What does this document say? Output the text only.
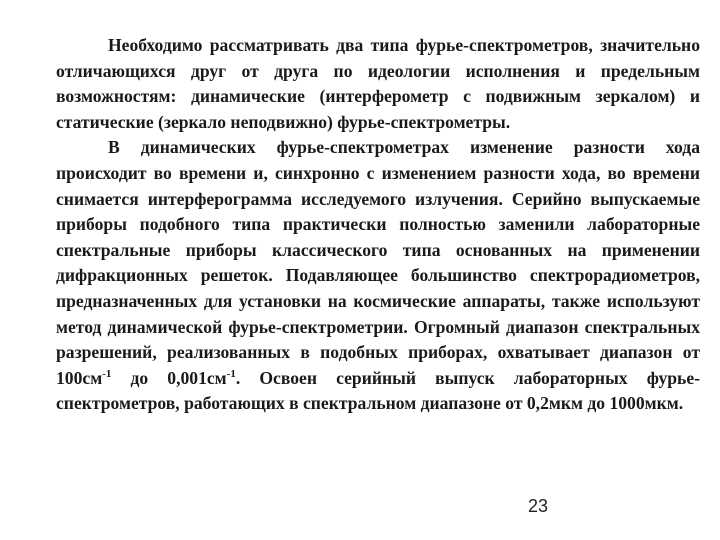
Необходимо рассматривать два типа фурье-спектрометров, значительно отличающихся друг от друга по идеологии исполнения и предельным возможностям: динамические (интерферометр с подвижным зеркалом) и статические (зеркало неподвижно) фурье-спектрометры.

В динамических фурье-спектрометрах изменение разности хода происходит во времени и, синхронно с изменением разности хода, во времени снимается интерферограмма исследуемого излучения. Серийно выпускаемые приборы подобного типа практически полностью заменили лабораторные спектральные приборы классического типа основанных на применении дифракционных решеток. Подавляющее большинство спектрорадиометров, предназначенных для установки на космические аппараты, также используют метод динамической фурье-спектрометрии. Огромный диапазон спектральных разрешений, реализованных в подобных приборах, охватывает диапазон от $100см^{-1}$ до $0,001см^{-1}$. Освоен серийный выпуск лабораторных фурье-спектрометров, работающих в спектральном диапазоне от 0,2мкм до 1000мкм.

23
